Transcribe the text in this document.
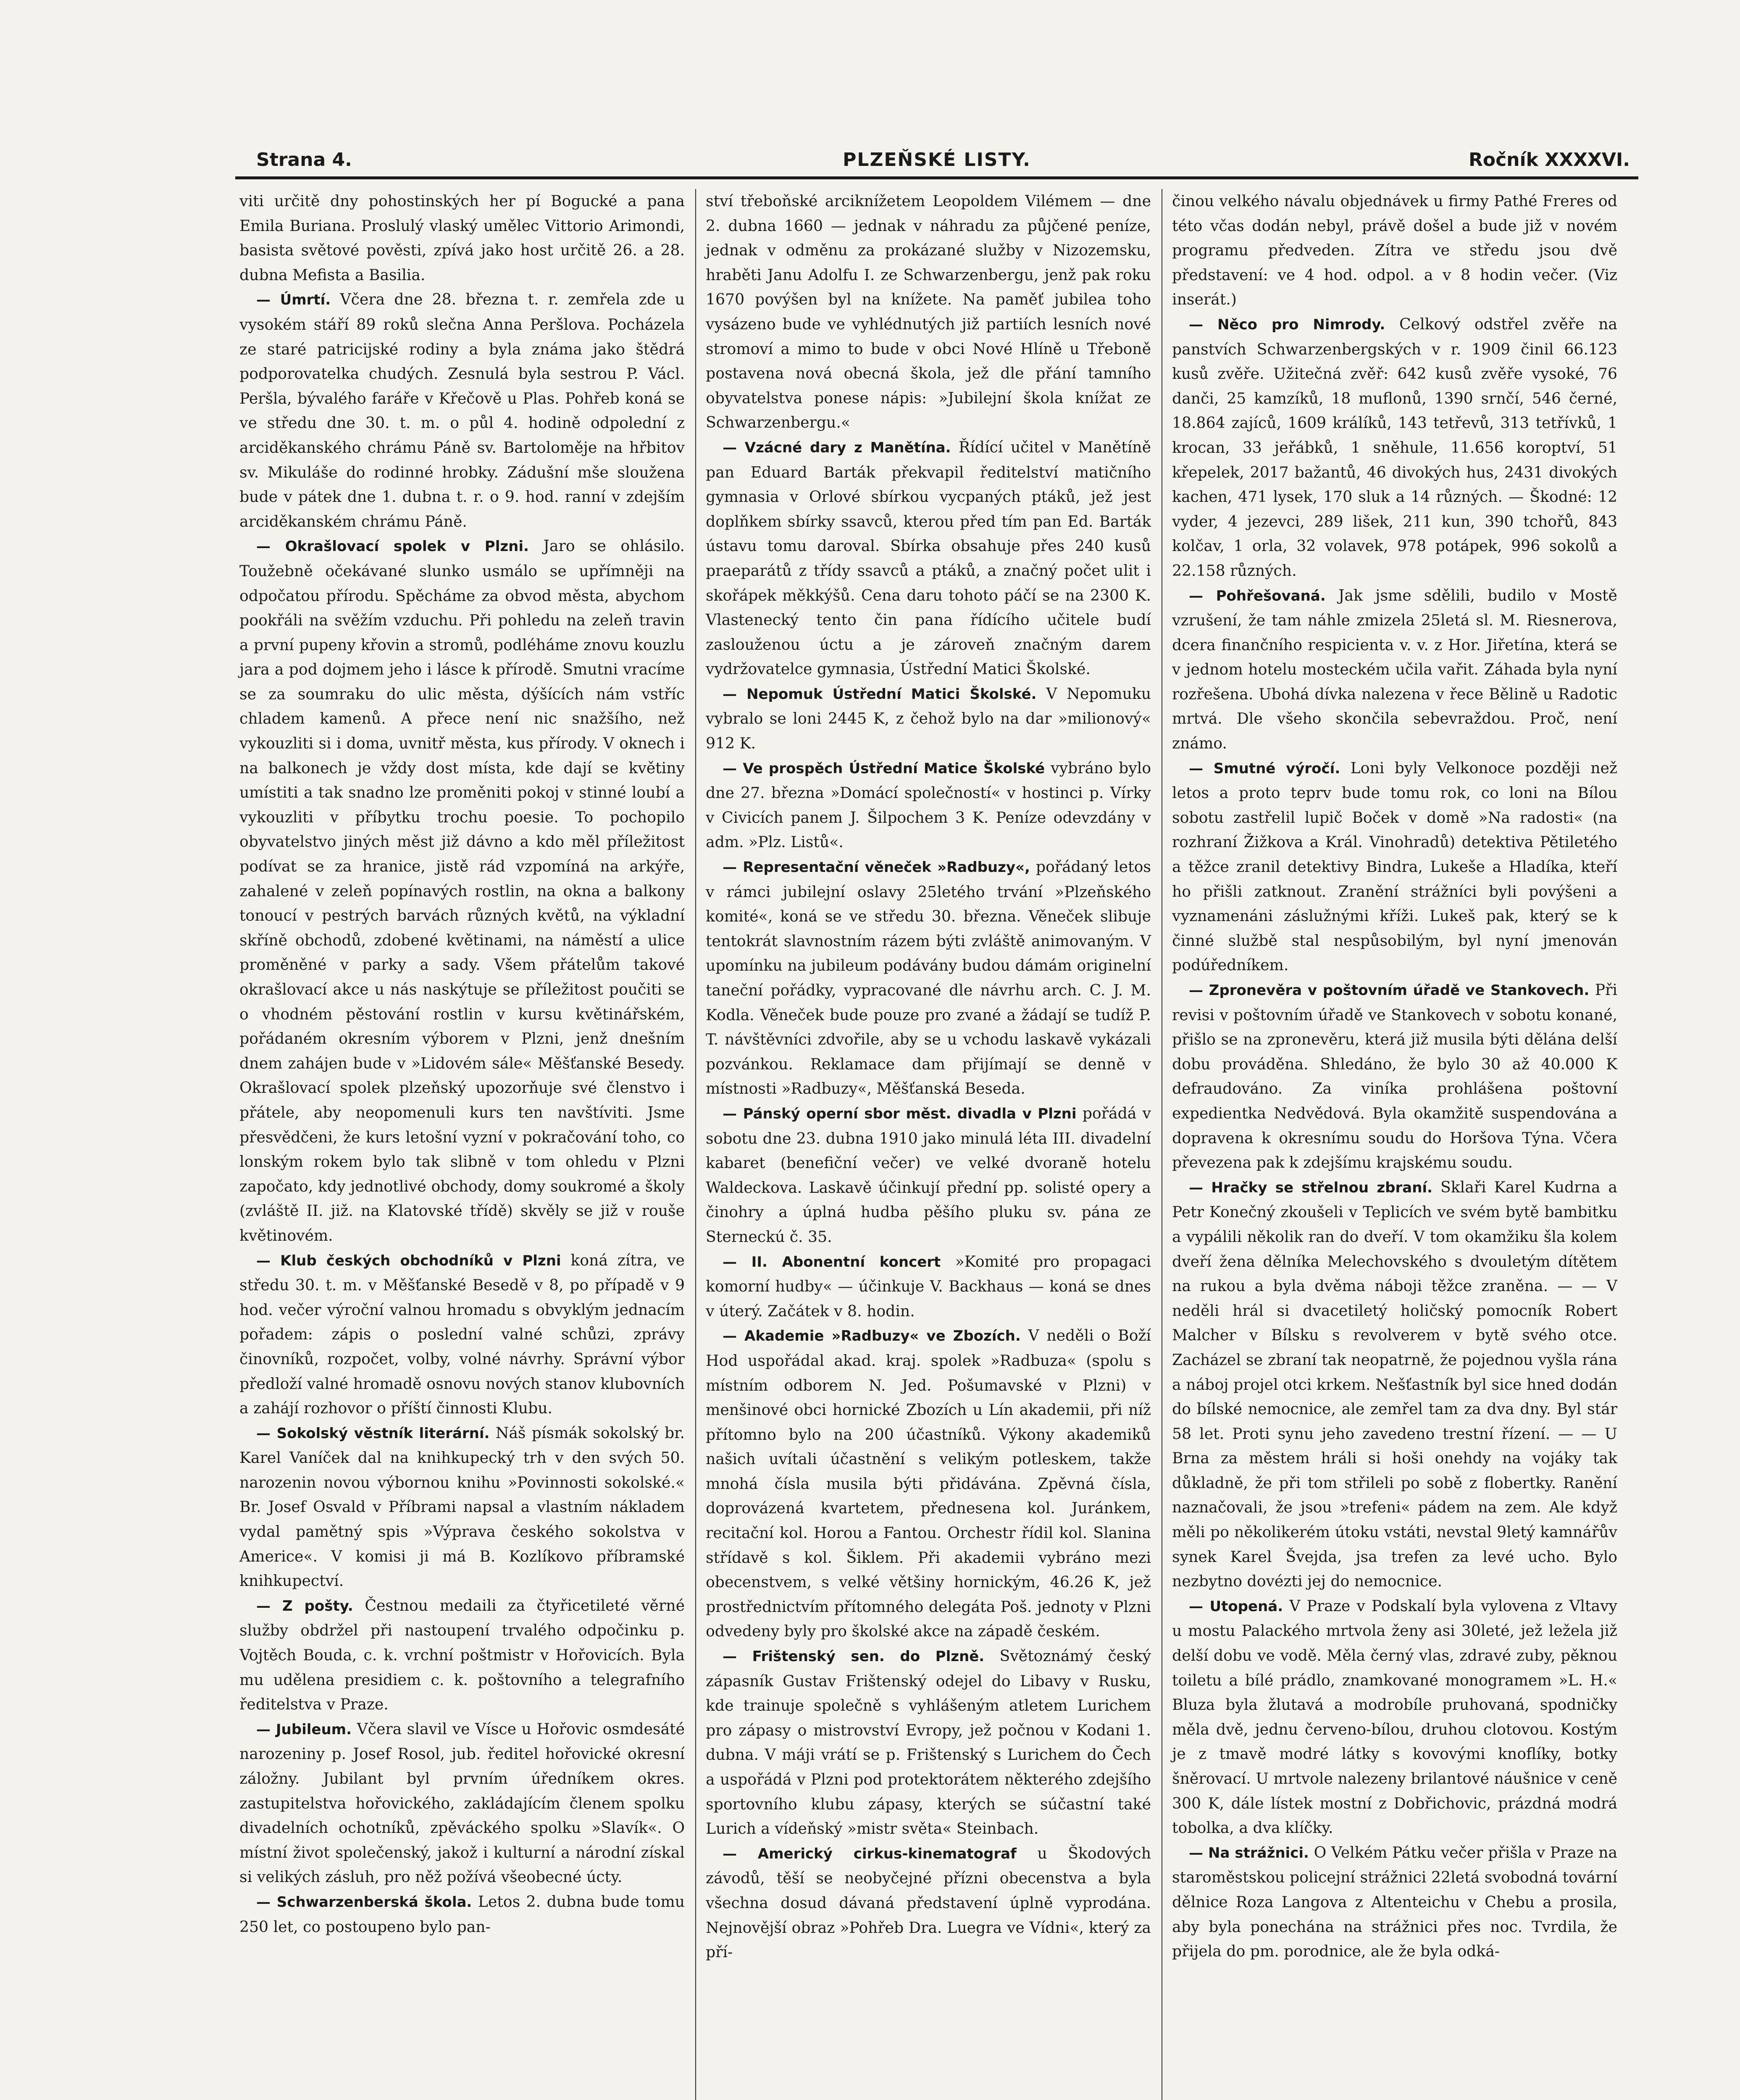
Strana 4.	PLZEŇSKÉ LISTY.	Ročník XXXXVI.

viti určitě dny pohostinských her pí Bogucké a pana Emila Buriana. Proslulý vlaský umělec Vittorio Arimondi, basista světové pověsti, zpívá jako host určitě 26. a 28. dubna Mefista a Basilia.

— Úmrtí. Včera dne 28. března t. r. zemřela zde u vysokém stáří 89 roků slečna Anna Peršlova. Pocházela ze staré patricijské rodiny a byla známa jako štědrá podporovatelka chudých. Zesnulá byla sestrou P. Václ. Peršla, bývalého faráře v Křečově u Plas. Pohřeb koná se ve středu dne 30. t. m. o půl 4. hodině odpolední z arciděkanského chrámu Páně sv. Bartoloměje na hřbitov sv. Mikuláše do rodinné hrobky. Zádušní mše sloužena bude v pátek dne 1. dubna t. r. o 9. hod. ranní v zdejším arciděkanském chrámu Páně.

— Okrašlovací spolek v Plzni. Jaro se ohlásilo. Toužebně očekávané slunko usmálo se upřímněji na odpočatou přírodu. Spěcháme za obvod města, abychom pookřáli na svěžím vzduchu. Při pohledu na zeleň travin a první pupeny křovin a stromů, podléháme znovu kouzlu jara a pod dojmem jeho i lásce k přírodě. Smutni vracíme se za soumraku do ulic města, dýšících nám vstříc chladem kamenů. A přece není nic snažšího, než vykouzliti si i doma, uvnitř města, kus přírody. V oknech i na balkonech je vždy dost místa, kde dají se květiny umístiti a tak snadno lze proměniti pokoj v stinné loubí a vykouzliti v příbytku trochu poesie. To pochopilo obyvatelstvo jiných měst již dávno a kdo měl příležitost podívat se za hranice, jistě rád vzpomíná na arkýře, zahalené v zeleň popínavých rostlin, na okna a balkony tonoucí v pestrých barvách různých květů, na výkladní skříně obchodů, zdobené květinami, na náměstí a ulice proměněné v parky a sady. Všem přátelům takové okrašlovací akce u nás naskýtuje se příležitost poučiti se o vhodném pěstování rostlin v kursu květinářském, pořádaném okresním výborem v Plzni, jenž dnešním dnem zahájen bude v »Lidovém sále« Měšťanské Besedy. Okrašlovací spolek plzeňský upozorňuje své členstvo i přátele, aby neopomenuli kurs ten navštíviti. Jsme přesvědčeni, že kurs letošní vyzní v pokračování toho, co lonským rokem bylo tak slibně v tom ohledu v Plzni započato, kdy jednotlivé obchody, domy soukromé a školy (zvláště II. již. na Klatovské třídě) skvěly se již v rouše květinovém.

— Klub českých obchodníků v Plzni koná zítra, ve středu 30. t. m. v Měšťanské Besedě v 8, po případě v 9 hod. večer výroční valnou hromadu s obvyklým jednacím pořadem: zápis o poslední valné schůzi, zprávy činovníků, rozpočet, volby, volné návrhy. Správní výbor předloží valné hromadě osnovu nových stanov klubovních a zahájí rozhovor o příští činnosti Klubu.

— Sokolský věstník literární. Náš písmák sokolský br. Karel Vaníček dal na knihkupecký trh v den svých 50. narozenin novou výbornou knihu »Povinnosti sokolské.« Br. Josef Osvald v Příbrami napsal a vlastním nákladem vydal pamětný spis »Výprava českého sokolstva v Americe«. V komisi ji má B. Kozlíkovo příbramské knihkupectví.

— Z pošty. Čestnou medaili za čtyřicetileté věrné služby obdržel při nastoupení trvalého odpočinku p. Vojtěch Bouda, c. k. vrchní poštmistr v Hořovicích. Byla mu udělena presidiem c. k. poštovního a telegrafního ředitelstva v Praze.

— Jubileum. Včera slavil ve Vísce u Hořovic osmdesáté narozeniny p. Josef Rosol, jub. ředitel hořovické okresní záložny. Jubilant byl prvním úředníkem okres. zastupitelstva hořovického, zakládajícím členem spolku divadelních ochotníků, zpěváckého spolku »Slavík«. O místní život společenský, jakož i kulturní a národní získal si velikých zásluh, pro něž požívá všeobecné úcty.

— Schwarzenberská škola. Letos 2. dubna bude tomu 250 let, co postoupeno bylo pan-

ství třeboňské arciknížetem Leopoldem Vilémem — dne 2. dubna 1660 — jednak v náhradu za půjčené peníze, jednak v odměnu za prokázané služby v Nizozemsku, hraběti Janu Adolfu I. ze Schwarzenbergu, jenž pak roku 1670 povýšen byl na knížete. Na paměť jubilea toho vysázeno bude ve vyhlédnutých již partiích lesních nové stromoví a mimo to bude v obci Nové Hlíně u Třeboně postavena nová obecná škola, jež dle přání tamního obyvatelstva ponese nápis: »Jubilejní škola knížat ze Schwarzenbergu.«

— Vzácné dary z Manětína. Řídící učitel v Manětíně pan Eduard Barták překvapil ředitelství matičního gymnasia v Orlové sbírkou vycpaných ptáků, jež jest doplňkem sbírky ssavců, kterou před tím pan Ed. Barták ústavu tomu daroval. Sbírka obsahuje přes 240 kusů praeparátů z třídy ssavců a ptáků, a značný počet ulit i skořápek měkkýšů. Cena daru tohoto páčí se na 2300 K. Vlastenecký tento čin pana řídícího učitele budí zaslouženou úctu a je zároveň značným darem vydržovatelce gymnasia, Ústřední Matici Školské.

— Nepomuk Ústřední Matici Školské. V Nepomuku vybralo se loni 2445 K, z čehož bylo na dar »milionový« 912 K.

— Ve prospěch Ústřední Matice Školské vybráno bylo dne 27. března »Domácí společností« v hostinci p. Vírky v Civicích panem J. Šilpochem 3 K. Peníze odevzdány v adm. »Plz. Listů«.

— Representační věneček »Radbuzy«, pořádaný letos v rámci jubilejní oslavy 25letého trvání »Plzeňského komité«, koná se ve středu 30. března. Věneček slibuje tentokrát slavnostním rázem býti zvláště animovaným. V upomínku na jubileum podávány budou dámám originelní taneční pořádky, vypracované dle návrhu arch. C. J. M. Kodla. Věneček bude pouze pro zvané a žádají se tudíž P. T. návštěvníci zdvořile, aby se u vchodu laskavě vykázali pozvánkou. Reklamace dam přijímají se denně v místnosti »Radbuzy«, Měšťanská Beseda.

— Pánský operní sbor měst. divadla v Plzni pořádá v sobotu dne 23. dubna 1910 jako minulá léta III. divadelní kabaret (benefiční večer) ve velké dvoraně hotelu Waldeckova. Laskavě účinkují přední pp. solisté opery a činohry a úplná hudba pěšího pluku sv. pána ze Sterneckú č. 35.

— II. Abonentní koncert »Komité pro propagaci komorní hudby« — účinkuje V. Backhaus — koná se dnes v úterý. Začátek v 8. hodin.

— Akademie »Radbuzy« ve Zbozích. V neděli o Boží Hod uspořádal akad. kraj. spolek »Radbuza« (spolu s místním odborem N. Jed. Pošumavské v Plzni) v menšinové obci hornické Zbozích u Lín akademii, při níž přítomno bylo na 200 účastníků. Výkony akademiků našich uvítali účastnění s velikým potleskem, takže mnohá čísla musila býti přidávána. Zpěvná čísla, doprovázená kvartetem, přednesena kol. Juránkem, recitační kol. Horou a Fantou. Orchestr řídil kol. Slanina střídavě s kol. Šiklem. Při akademii vybráno mezi obecenstvem, s velké většiny hornickým, 46.26 K, jež prostřednictvím přítomného delegáta Poš. jednoty v Plzni odvedeny byly pro školské akce na západě českém.

— Frištenský sen. do Plzně. Světoznámý český zápasník Gustav Frištenský odejel do Libavy v Rusku, kde trainuje společně s vyhlášeným atletem Lurichem pro zápasy o mistrovství Evropy, jež počnou v Kodani 1. dubna. V máji vrátí se p. Frištenský s Lurichem do Čech a uspořádá v Plzni pod protektorátem některého zdejšího sportovního klubu zápasy, kterých se súčastní také Lurich a vídeňský »mistr světa« Steinbach.

— Americký cirkus-kinematograf u Škodových závodů, těší se neobyčejné přízni obecenstva a byla všechna dosud dávaná představení úplně vyprodána. Nejnovější obraz »Pohřeb Dra. Luegra ve Vídni«, který za pří-

činou velkého návalu objednávek u firmy Pathé Freres od této včas dodán nebyl, právě došel a bude již v novém programu předveden. Zítra ve středu jsou dvě představení: ve 4 hod. odpol. a v 8 hodin večer. (Viz inserát.)

— Něco pro Nimrody. Celkový odstřel zvěře na panstvích Schwarzenbergských v r. 1909 činil 66.123 kusů zvěře. Užitečná zvěř: 642 kusů zvěře vysoké, 76 danči, 25 kamzíků, 18 muflonů, 1390 srnčí, 546 černé, 18.864 zajíců, 1609 králíků, 143 tetřevů, 313 tetřívků, 1 krocan, 33 jeřábků, 1 sněhule, 11.656 koroptví, 51 křepelek, 2017 bažantů, 46 divokých hus, 2431 divokých kachen, 471 lysek, 170 sluk a 14 různých. — Škodné: 12 vyder, 4 jezevci, 289 lišek, 211 kun, 390 tchořů, 843 kolčav, 1 orla, 32 volavek, 978 potápek, 996 sokolů a 22.158 různých.

— Pohřešovaná. Jak jsme sdělili, budilo v Mostě vzrušení, že tam náhle zmizela 25letá sl. M. Riesnerova, dcera finančního respicienta v. v. z Hor. Jiřetína, která se v jednom hotelu mosteckém učila vařit. Záhada byla nyní rozřešena. Ubohá dívka nalezena v řece Bělině u Radotic mrtvá. Dle všeho skončila sebevraždou. Proč, není známo.

— Smutné výročí. Loni byly Velkonoce později než letos a proto teprv bude tomu rok, co loni na Bílou sobotu zastřelil lupič Boček v domě »Na radosti« (na rozhraní Žižkova a Král. Vinohradů) detektiva Pětiletého a těžce zranil detektivy Bindra, Lukeše a Hladíka, kteří ho přišli zatknout. Zranění strážníci byli povýšeni a vyznamenáni záslužnými kříži. Lukeš pak, který se k činné službě stal nespůsobilým, byl nyní jmenován podúředníkem.

— Zpronevěra v poštovním úřadě ve Stankovech. Při revisi v poštovním úřadě ve Stankovech v sobotu konané, přišlo se na zpronevěru, která již musila býti dělána delší dobu prováděna. Shledáno, že bylo 30 až 40.000 K defraudováno. Za viníka prohlášena poštovní expedientka Nedvědová. Byla okamžitě suspendována a dopravena k okresnímu soudu do Horšova Týna. Včera převezena pak k zdejšímu krajskému soudu.

— Hračky se střelnou zbraní. Sklaři Karel Kudrna a Petr Konečný zkoušeli v Teplicích ve svém bytě bambitku a vypálili několik ran do dveří. V tom okamžiku šla kolem dveří žena dělníka Melechovského s dvouletým dítětem na rukou a byla dvěma náboji těžce zraněna. — — V neděli hrál si dvacetiletý holičský pomocník Robert Malcher v Bílsku s revolverem v bytě svého otce. Zacházel se zbraní tak neopatrně, že pojednou vyšla rána a náboj projel otci krkem. Nešťastník byl sice hned dodán do bílské nemocnice, ale zemřel tam za dva dny. Byl stár 58 let. Proti synu jeho zavedeno trestní řízení. — — U Brna za městem hráli si hoši onehdy na vojáky tak důkladně, že při tom střileli po sobě z flobertky. Ranění naznačovali, že jsou »trefeni« pádem na zem. Ale když měli po několikerém útoku vstáti, nevstal 9letý kamnářův synek Karel Švejda, jsa trefen za levé ucho. Bylo nezbytno dovézti jej do nemocnice.

— Utopená. V Praze v Podskalí byla vylovena z Vltavy u mostu Palackého mrtvola ženy asi 30leté, jež ležela již delší dobu ve vodě. Měla černý vlas, zdravé zuby, pěknou toiletu a bílé prádlo, znamkované monogramem »L. H.« Bluza byla žlutavá a modrobíle pruhovaná, spodničky měla dvě, jednu červeno-bílou, druhou clotovou. Kostým je z tmavě modré látky s kovovými knoflíky, botky šněrovací. U mrtvole nalezeny brilantové náušnice v ceně 300 K, dále lístek mostní z Dobřichovic, prázdná modrá tobolka, a dva klíčky.

— Na strážnici. O Velkém Pátku večer přišla v Praze na staroměstskou policejní strážnici 22letá svobodná tovární dělnice Roza Langova z Altenteichu v Chebu a prosila, aby byla ponechána na strážnici přes noc. Tvrdila, že přijela do pm. porodnice, ale že byla odká-
